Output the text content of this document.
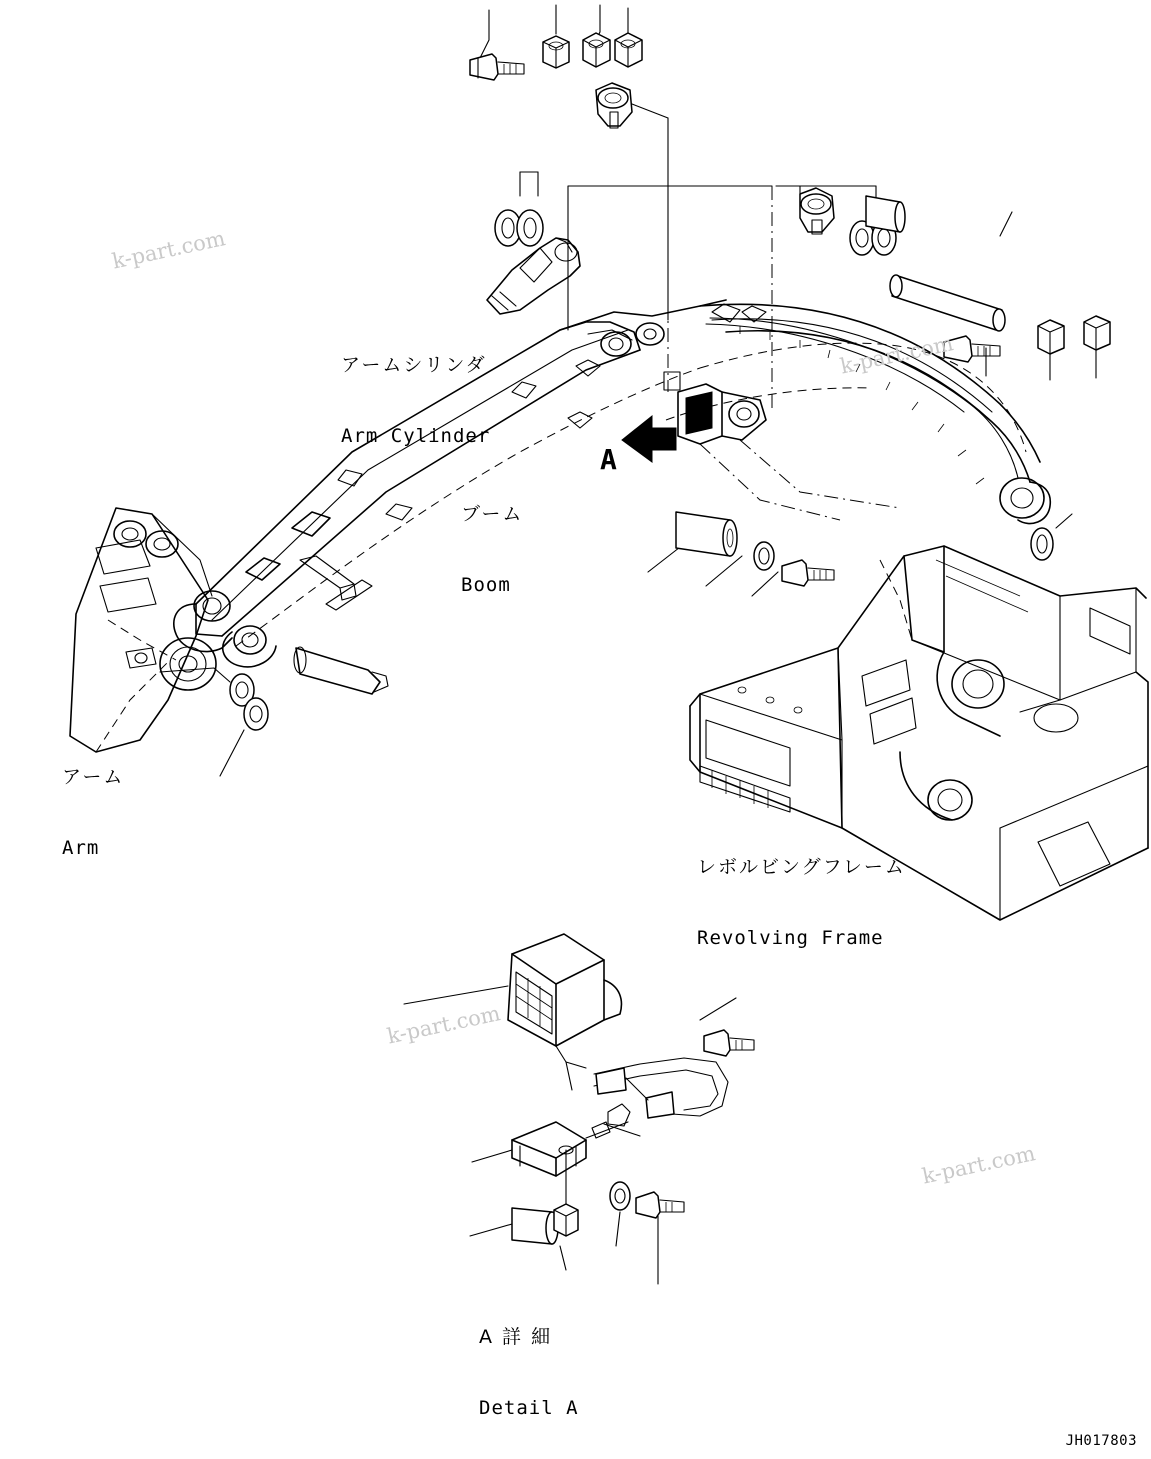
アームシリンダ

Arm Cylinder

ブーム

Boom

アーム

Arm

レボルビングフレーム

Revolving Frame

A 詳 細

Detail A

A
k-part.com
k-part.com
k-part.com
k-part.com
JH017803
